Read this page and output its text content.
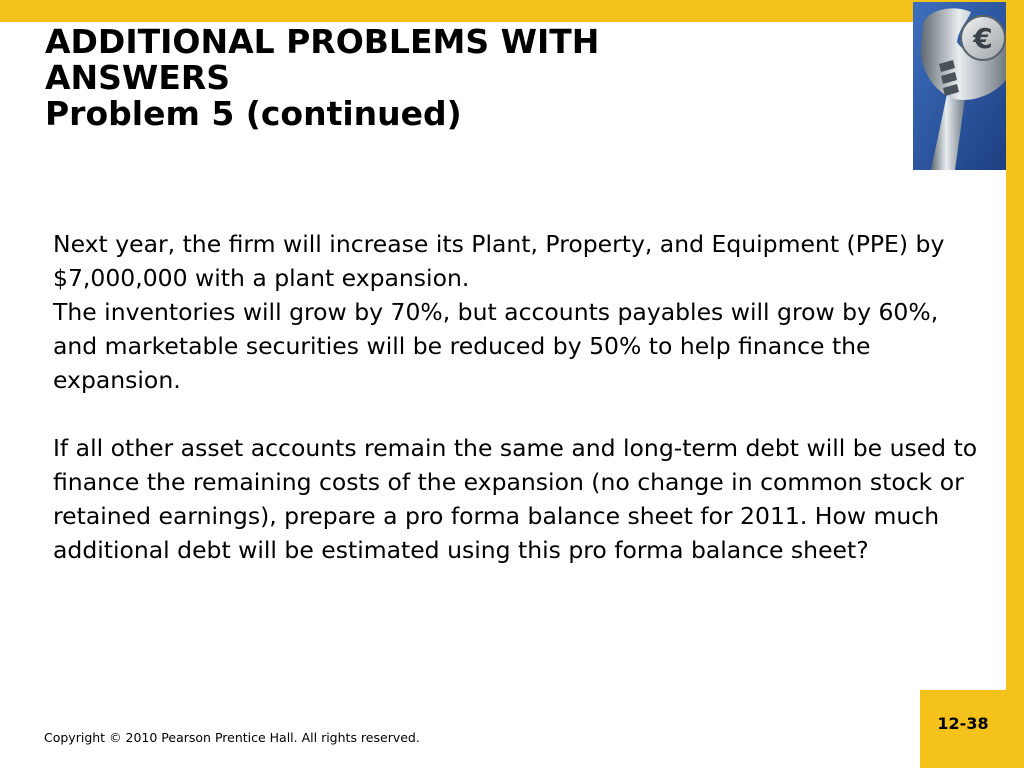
€
ADDITIONAL PROBLEMS WITH
ANSWERS
Problem 5 (continued)

Next year, the firm will increase its Plant, Property, and Equipment (PPE) by $7,000,000 with a plant expansion.

The inventories will grow by 70%, but accounts payables will grow by 60%, and marketable securities will be reduced by 50% to help finance the expansion.

If all other asset accounts remain the same and long-term debt will be used to finance the remaining costs of the expansion (no change in common stock or retained earnings), prepare a pro forma balance sheet for 2011. How much additional debt will be estimated using this pro forma balance sheet?

Copyright © 2010 Pearson Prentice Hall. All rights reserved.
12-38
